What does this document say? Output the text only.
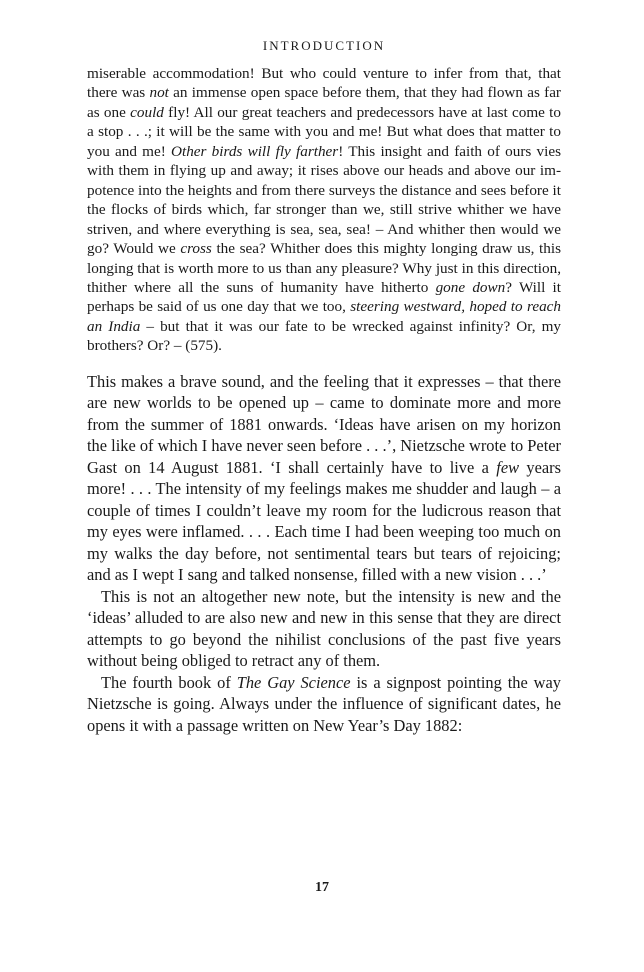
INTRODUCTION

miserable accommodation! But who could venture to infer from that, that there was not an immense open space before them, that they had flown as far as one could fly! All our great teachers and predecessors have at last come to a stop . . .; it will be the same with you and me! But what does that matter to you and me! Other birds will fly farther! This insight and faith of ours vies with them in flying up and away; it rises above our heads and above our impotence into the heights and from there surveys the distance and sees before it the flocks of birds which, far stronger than we, still strive whither we have striven, and where everything is sea, sea, sea! – And whither then would we go? Would we cross the sea? Whither does this mighty longing draw us, this longing that is worth more to us than any pleasure? Why just in this direction, thither where all the suns of humanity have hitherto gone down? Will it perhaps be said of us one day that we too, steering westward, hoped to reach an India – but that it was our fate to be wrecked against infinity? Or, my brothers? Or? – (575).

This makes a brave sound, and the feeling that it expresses – that there are new worlds to be opened up – came to dominate more and more from the summer of 1881 onwards. ‘Ideas have arisen on my horizon the like of which I have never seen before . . .’, Nietzsche wrote to Peter Gast on 14 August 1881. ‘I shall certainly have to live a few years more! . . . The intensity of my feelings makes me shudder and laugh – a couple of times I couldn’t leave my room for the ludicrous reason that my eyes were inflamed. . . . Each time I had been weeping too much on my walks the day before, not sentimental tears but tears of rejoicing; and as I wept I sang and talked nonsense, filled with a new vision . . .’

This is not an altogether new note, but the intensity is new and the ‘ideas’ alluded to are also new and new in this sense that they are direct attempts to go beyond the nihilist conclusions of the past five years without being obliged to retract any of them.

The fourth book of The Gay Science is a signpost pointing the way Nietzsche is going. Always under the influence of significant dates, he opens it with a passage written on New Year’s Day 1882:

17
